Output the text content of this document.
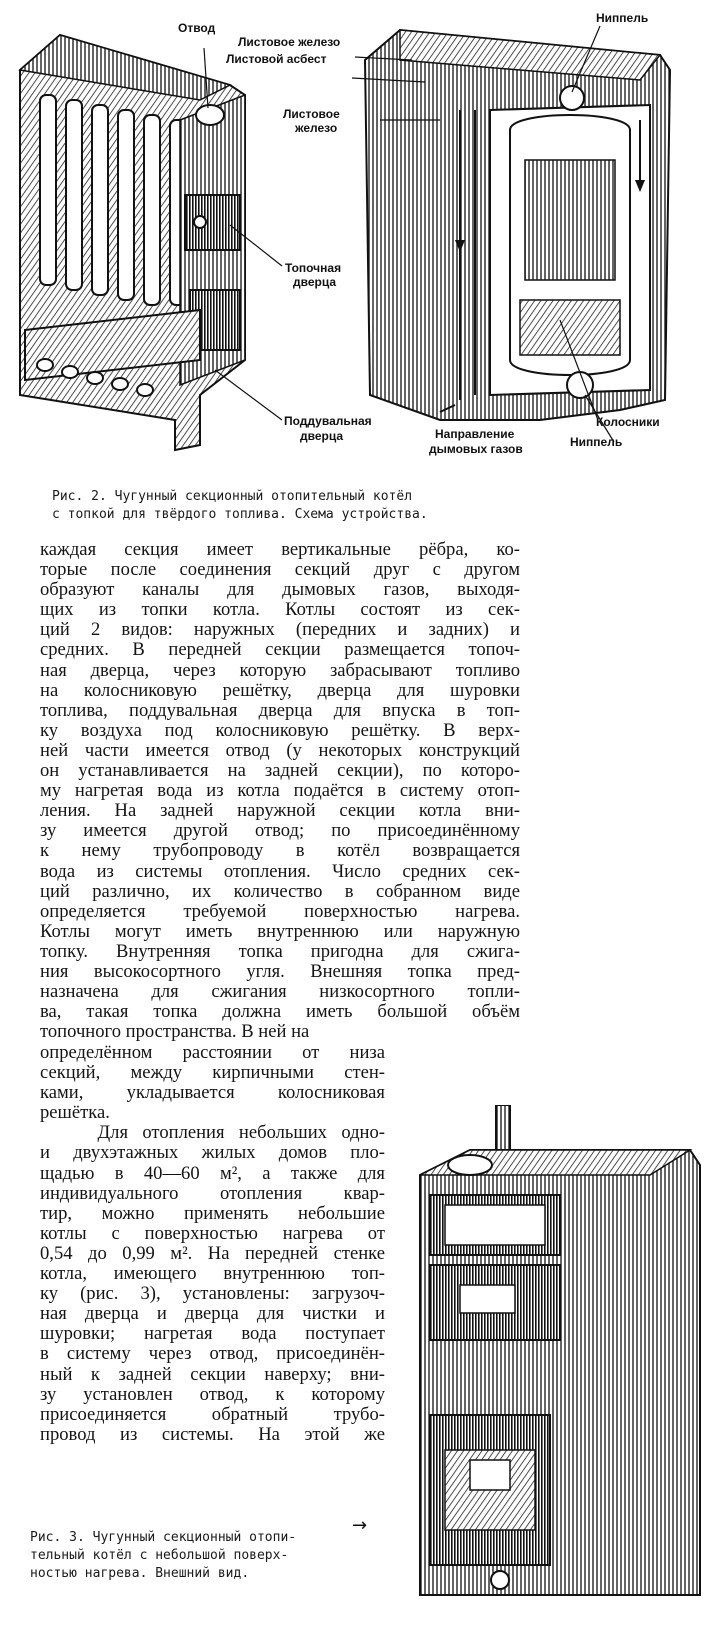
Отвод
Листовое железо
Листовой асбест
Листовое
железо
Ниппель
Топочная
дверца
Поддувальная
дверца
Колосники
Направление
дымовых газов	Ниппель
Рис. 2. Чугунный секционный отопительный котёл
с топкой для твёрдого топлива. Схема устройства.
каждая секция имеет вертикальные рёбра, ко-
торые после соединения секций друг с другом
образуют каналы для дымовых газов, выходя-
щих из топки котла. Котлы состоят из сек-
ций 2 видов: наружных (передних и задних) и
средних. В передней секции размещается топоч-
ная дверца, через которую забрасывают топливо
на колосниковую решётку, дверца для шуровки
топлива, поддувальная дверца для впуска в топ-
ку воздуха под колосниковую решётку. В верх-
ней части имеется отвод (у некоторых конструкций
он устанавливается на задней секции), по которо-
му нагретая вода из котла подаётся в систему отоп-
ления. На задней наружной секции котла вни-
зу имеется другой отвод; по присоединённому
к нему трубопроводу в котёл возвращается
вода из системы отопления. Число средних сек-
ций различно, их количество в собранном виде
определяется требуемой поверхностью нагрева.
Котлы могут иметь внутреннюю или наружную
топку. Внутренняя топка пригодна для сжига-
ния высокосортного угля. Внешняя топка пред-
назначена для сжигания низкосортного топли-
ва, такая топка должна иметь большой объём
топочного пространства. В ней на
определённом расстоянии от низа
секций, между кирпичными стен-
ками, укладывается колосниковая
решётка.
Для отопления небольших одно-
и двухэтажных жилых домов пло-
щадью в 40—60 м², а также для
индивидуального отопления квар-
тир, можно применять небольшие
котлы с поверхностью нагрева от
0,54 до 0,99 м². На передней стенке
котла, имеющего внутреннюю топ-
ку (рис. 3), установлены: загрузоч-
ная дверца и дверца для чистки и
шуровки; нагретая вода поступает
в систему через отвод, присоединён-
ный к задней секции наверху; вни-
зу установлен отвод, к которому
присоединяется обратный трубо-
провод из системы. На этой же
→
Рис. 3. Чугунный секционный отопи-
тельный котёл с небольшой поверх-
ностью нагрева. Внешний вид.
